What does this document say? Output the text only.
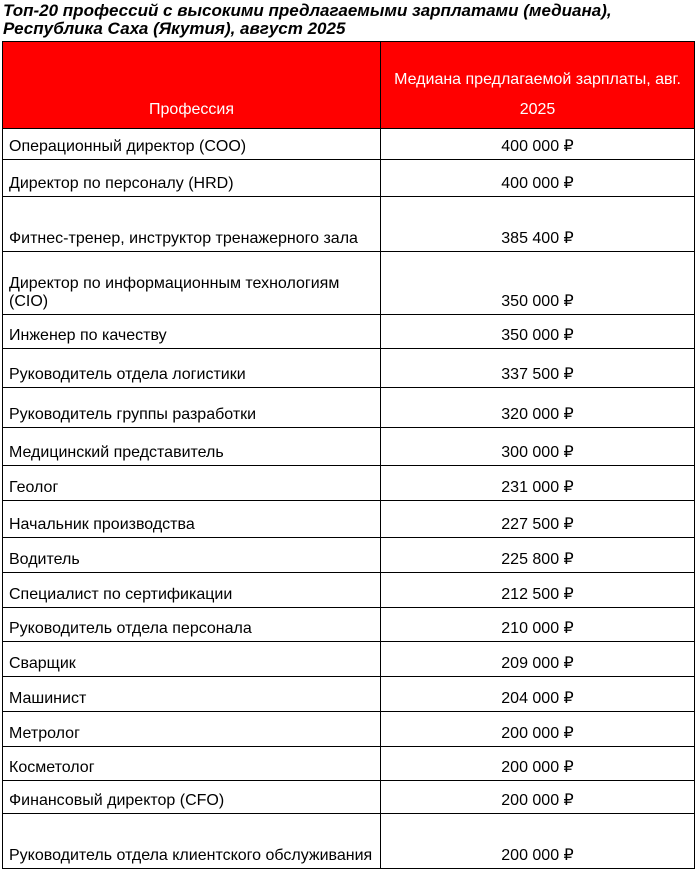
Топ-20 профессий с высокими предлагаемыми зарплатами (медиана), Республика Саха (Якутия), август 2025
Профессия	Медиана предлагаемой зарплаты, авг. 2025
Операционный директор (COO)	400 000 ₽
Директор по персоналу (HRD)	400 000 ₽
Фитнес-тренер, инструктор тренажерного зала	385 400 ₽
Директор по информационным технологиям (CIO)	350 000 ₽
Инженер по качеству	350 000 ₽
Руководитель отдела логистики	337 500 ₽
Руководитель группы разработки	320 000 ₽
Медицинский представитель	300 000 ₽
Геолог	231 000 ₽
Начальник производства	227 500 ₽
Водитель	225 800 ₽
Специалист по сертификации	212 500 ₽
Руководитель отдела персонала	210 000 ₽
Сварщик	209 000 ₽
Машинист	204 000 ₽
Метролог	200 000 ₽
Косметолог	200 000 ₽
Финансовый директор (CFO)	200 000 ₽
Руководитель отдела клиентского обслуживания	200 000 ₽
